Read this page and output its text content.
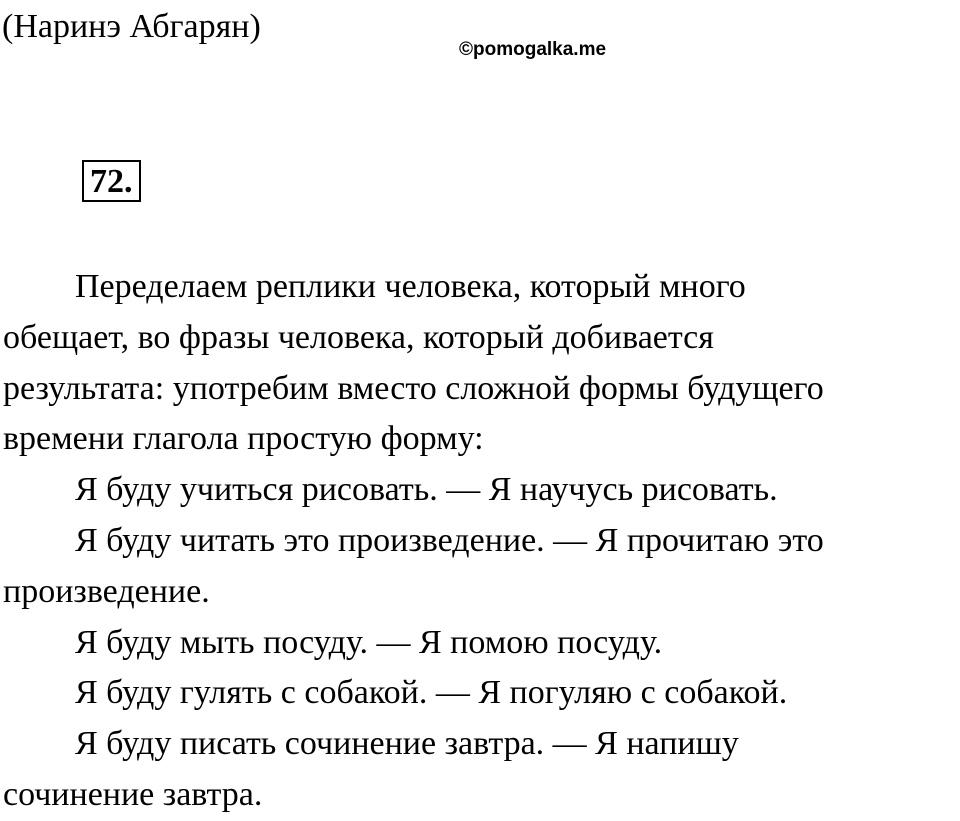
(Наринэ Абгарян)
©pomogalka.me
72.

Переделаем реплики человека, который много
обещает, во фразы человека, который добивается
результата: употребим вместо сложной формы будущего
времени глагола простую форму:

Я буду учиться рисовать. — Я научусь рисовать.

Я буду читать это произведение. — Я прочитаю это
произведение.

Я буду мыть посуду. — Я помою посуду.

Я буду гулять с собакой. — Я погуляю с собакой.

Я буду писать сочинение завтра. — Я напишу
сочинение завтра.
